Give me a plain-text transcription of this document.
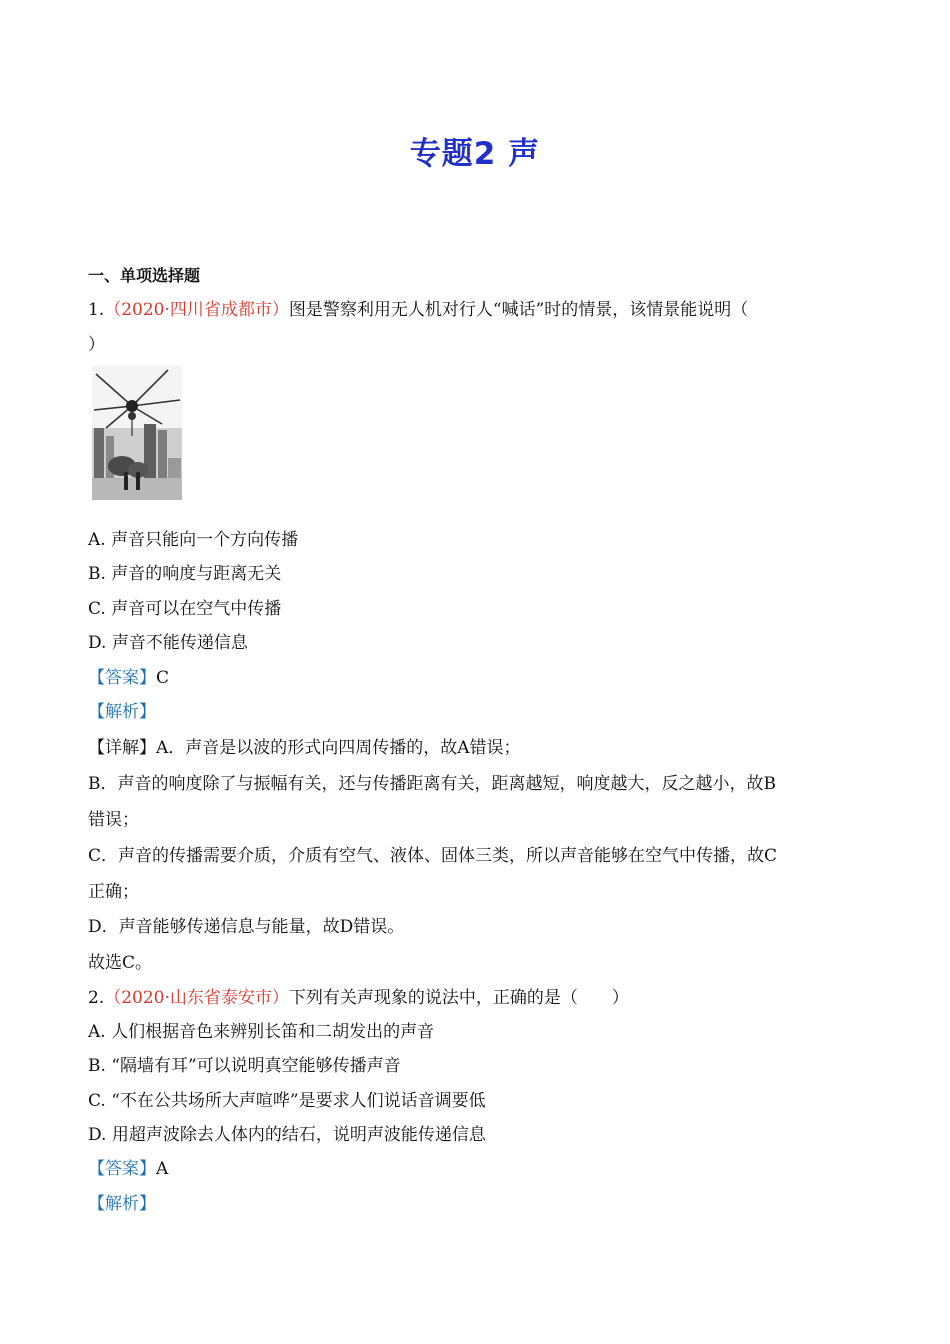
专题2 声
一、单项选择题
1.（2020·四川省成都市）图是警察利用无人机对行人“喊话”时的情景，该情景能说明（
）
A. 声音只能向一个方向传播
B. 声音的响度与距离无关
C. 声音可以在空气中传播
D. 声音不能传递信息
【答案】C
【解析】
【详解】A．声音是以波的形式向四周传播的，故A错误；
B．声音的响度除了与振幅有关，还与传播距离有关，距离越短，响度越大，反之越小，故B
错误；
C．声音的传播需要介质，介质有空气、液体、固体三类，所以声音能够在空气中传播，故C
正确；
D．声音能够传递信息与能量，故D错误。
故选C。
2.（2020·山东省泰安市）下列有关声现象的说法中，正确的是（　　）
A. 人们根据音色来辨别长笛和二胡发出的声音
B. “隔墙有耳”可以说明真空能够传播声音
C. “不在公共场所大声喧哗”是要求人们说话音调要低
D. 用超声波除去人体内的结石，说明声波能传递信息
【答案】A
【解析】
